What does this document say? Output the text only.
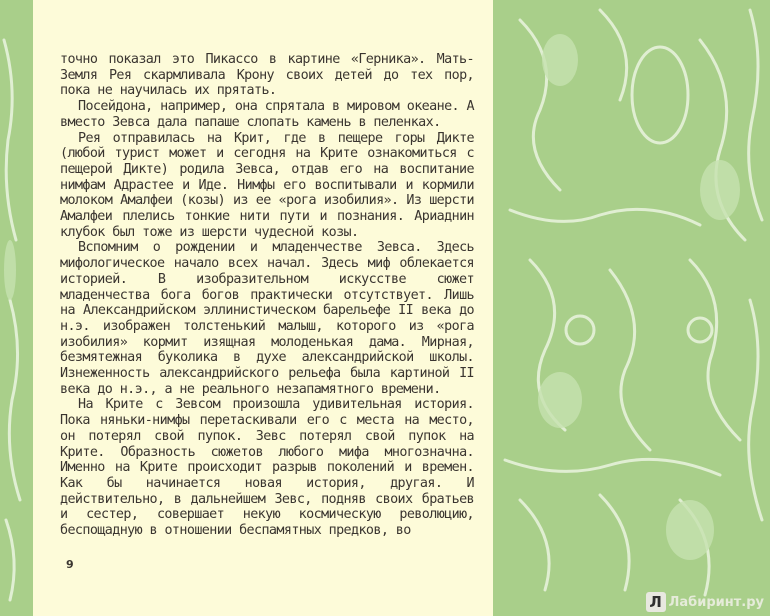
точно показал это Пикассо в картине «Герника». Мать-Земля Рея скармливала Крону своих детей до тех пор, пока не научилась их прятать.

Посейдона, например, она спрятала в мировом океане. А вместо Зевса дала папаше слопать камень в пеленках.

Рея отправилась на Крит, где в пещере горы Дикте (любой турист может и сегодня на Крите ознакомиться с пещерой Дикте) родила Зевса, отдав его на воспитание нимфам Адрастее и Иде. Нимфы его воспитывали и кормили молоком Амалфеи (козы) из ее «рога изобилия». Из шерсти Амалфеи плелись тонкие нити пути и познания. Ариаднин клубок был тоже из шерсти чудесной козы.

Вспомним о рождении и младенчестве Зевса. Здесь мифологическое начало всех начал. Здесь миф облекается историей. В изобразительном искусстве сюжет младенчества бога богов практически отсутствует. Лишь на Александрийском эллинистическом барельефе II века до н.э. изображен толстенький малыш, которого из «рога изобилия» кормит изящная молоденькая дама. Мирная, безмятежная буколика в духе александрийской школы. Изнеженность александрийского рельефа была картиной II века до н.э., а не реального незапамятного времени.

На Крите с Зевсом произошла удивительная история. Пока няньки-нимфы перетаскивали его с места на место, он потерял свой пупок. Зевс потерял свой пупок на Крите. Образность сюжетов любого мифа многозначна. Именно на Крите происходит разрыв поколений и времен. Как бы начинается новая история, другая. И действительно, в дальнейшем Зевс, подняв своих братьев и сестер, совершает некую космическую революцию, беспощадную в отношении беспамятных предков, во

9
Л Лабиринт.ру
